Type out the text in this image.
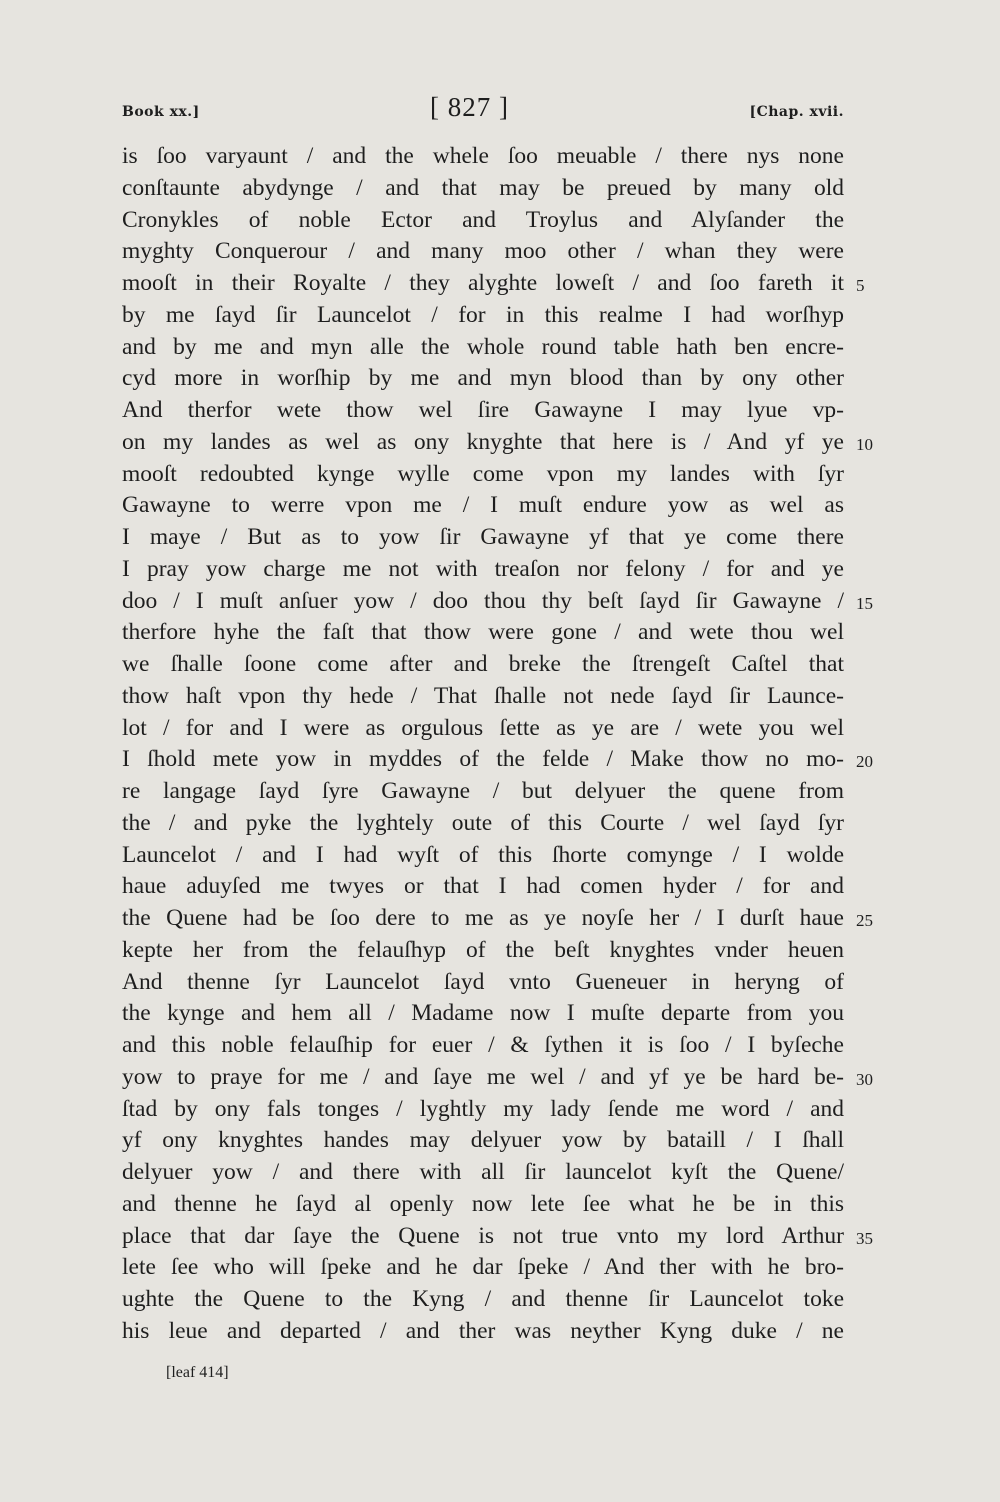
Book xx.]	[ 827 ]	[Chap. xvii.
is ſoo varyaunt / and the whele ſoo meuable / there nys none
conſtaunte abydynge / and that may be preued by many old
Cronykles of noble Ector and Troylus and Alyſander the
myghty Conquerour / and many moo other / whan they were
mooſt in their Royalte / they alyghte loweſt / and ſoo fareth it 5
by me ſayd ſir Launcelot / for in this realme I had worſhyp
and by me and myn alle the whole round table hath ben encre-
cyd more in worſhip by me and myn blood than by ony other
And therfor wete thow wel ſire Gawayne I may lyue vp-
on my landes as wel as ony knyghte that here is / And yf ye 10
mooſt redoubted kynge wylle come vpon my landes with ſyr
Gawayne to werre vpon me / I muſt endure yow as wel as
I maye / But as to yow ſir Gawayne yf that ye come there
I pray yow charge me not with treaſon nor felony / for and ye
doo / I muſt anſuer yow / doo thou thy beſt ſayd ſir Gawayne / 15
therfore hyhe the faſt that thow were gone / and wete thou wel
we ſhalle ſoone come after and breke the ſtrengeſt Caſtel that
thow haſt vpon thy hede / That ſhalle not nede ſayd ſir Launce-
lot / for and I were as orgulous ſette as ye are / wete you wel
I ſhold mete yow in myddes of the felde / Make thow no mo- 20
re langage ſayd ſyre Gawayne / but delyuer the quene from
the / and pyke the lyghtely oute of this Courte / wel ſayd ſyr
Launcelot / and I had wyſt of this ſhorte comynge / I wolde
haue aduyſed me twyes or that I had comen hyder / for and
the Quene had be ſoo dere to me as ye noyſe her / I durſt haue 25
kepte her from the felauſhyp of the beſt knyghtes vnder heuen
And thenne ſyr Launcelot ſayd vnto Gueneuer in heryng of
the kynge and hem all / Madame now I muſte departe from you
and this noble felauſhip for euer / & ſythen it is ſoo / I byſeche
yow to praye for me / and ſaye me wel / and yf ye be hard be- 30
ſtad by ony fals tonges / lyghtly my lady ſende me word / and
yf ony knyghtes handes may delyuer yow by bataill / I ſhall
delyuer yow / and there with all ſir launcelot kyſt the Quene/
and thenne he ſayd al openly now lete ſee what he be in this
place that dar ſaye the Quene is not true vnto my lord Arthur 35
lete ſee who will ſpeke and he dar ſpeke / And ther with he bro-
ughte the Quene to the Kyng / and thenne ſir Launcelot toke
his leue and departed / and ther was neyther Kyng duke / ne
[leaf 414]
